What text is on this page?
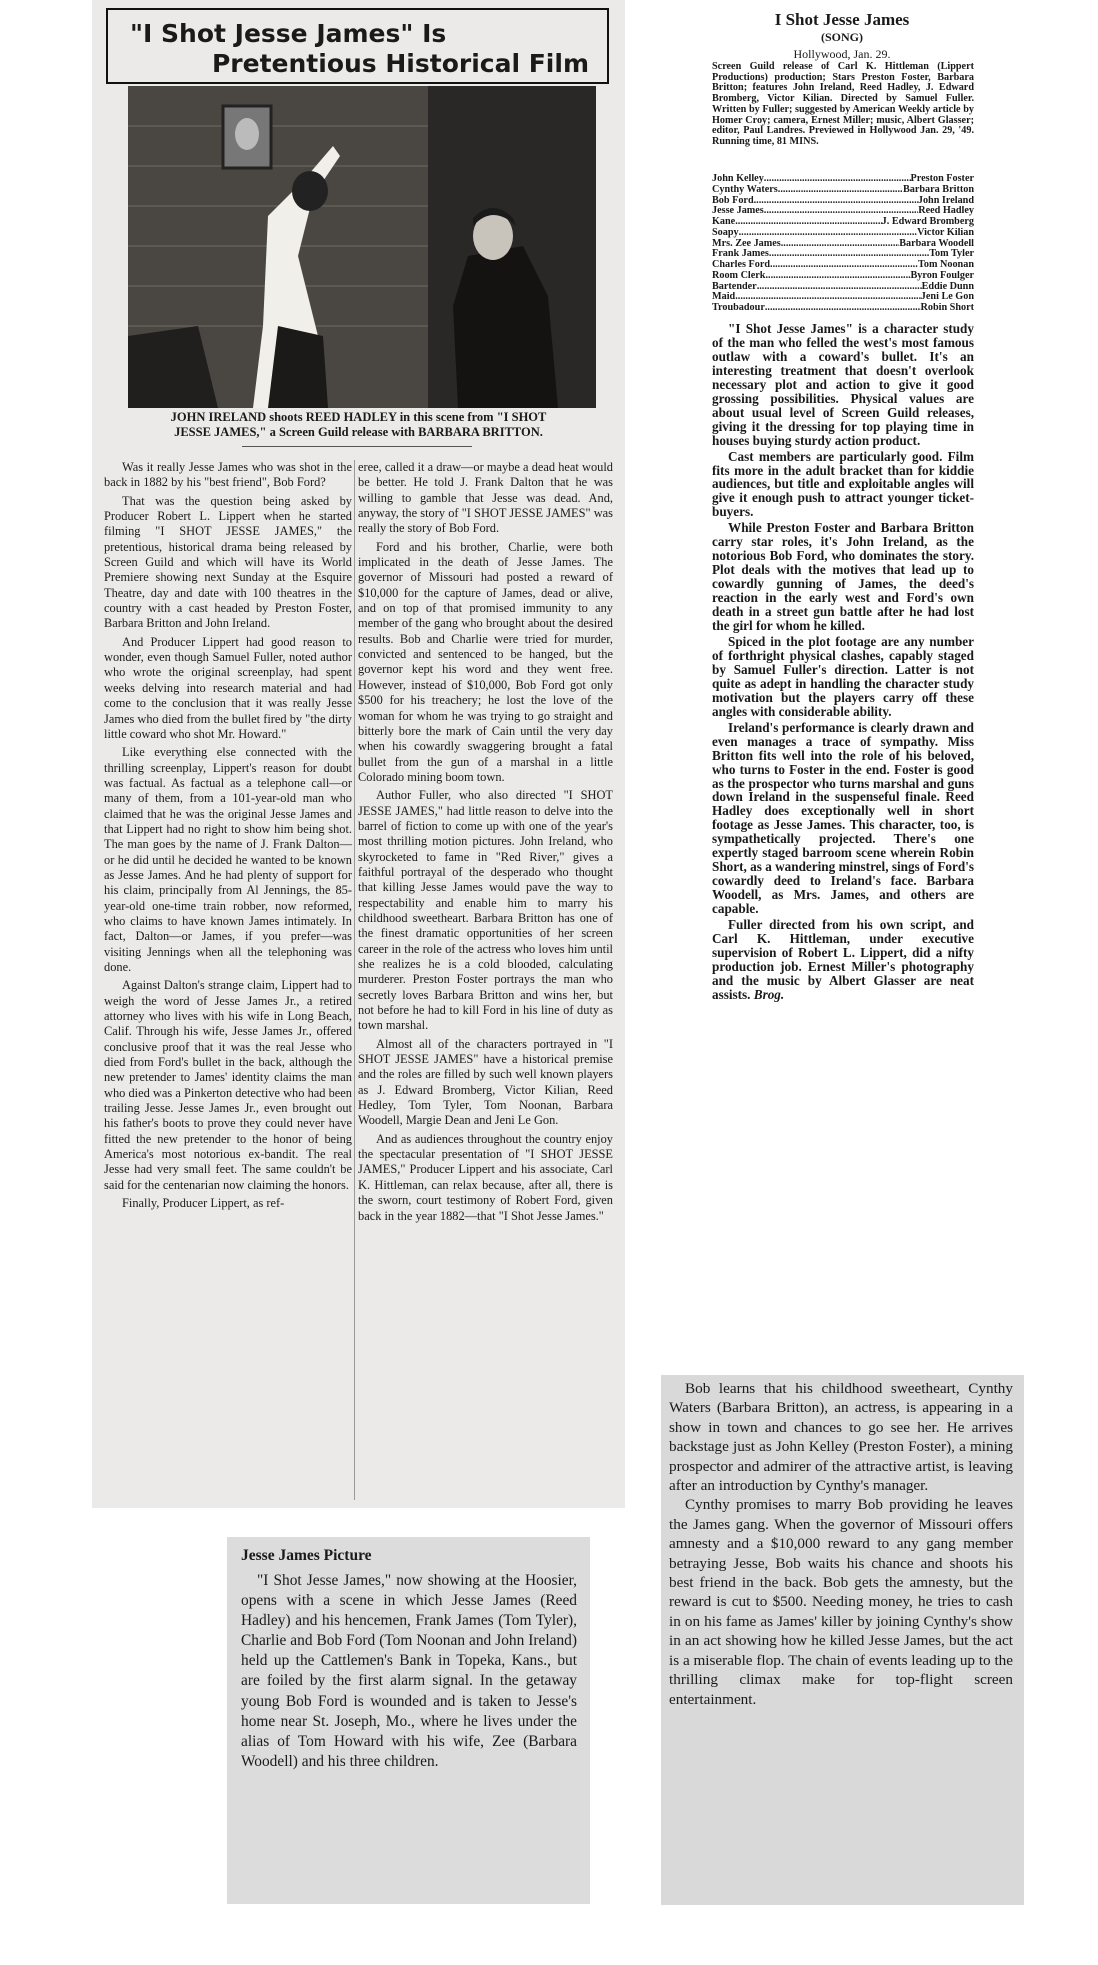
"I Shot Jesse James" Is
Pretentious Historical Film
JOHN IRELAND shoots REED HADLEY in this scene from "I SHOT
JESSE JAMES," a Screen Guild release with BARBARA BRITTON.

Was it really Jesse James who was shot in the back in 1882 by his "best friend", Bob Ford?

That was the question being asked by Producer Robert L. Lippert when he started filming "I SHOT JESSE JAMES," the pretentious, historical drama being released by Screen Guild and which will have its World Premiere showing next Sunday at the Esquire Theatre, day and date with 100 theatres in the country with a cast headed by Preston Foster, Barbara Britton and John Ireland.

And Producer Lippert had good reason to wonder, even though Samuel Fuller, noted author who wrote the original screenplay, had spent weeks delving into research material and had come to the conclusion that it was really Jesse James who died from the bullet fired by "the dirty little coward who shot Mr. Howard."

Like everything else connected with the thrilling screenplay, Lippert's reason for doubt was factual. As factual as a telephone call—or many of them, from a 101-year-old man who claimed that he was the original Jesse James and that Lippert had no right to show him being shot. The man goes by the name of J. Frank Dalton—or he did until he decided he wanted to be known as Jesse James. And he had plenty of support for his claim, principally from Al Jennings, the 85-year-old one-time train robber, now reformed, who claims to have known James intimately. In fact, Dalton—or James, if you prefer—was visiting Jennings when all the telephoning was done.

Against Dalton's strange claim, Lippert had to weigh the word of Jesse James Jr., a retired attorney who lives with his wife in Long Beach, Calif. Through his wife, Jesse James Jr., offered conclusive proof that it was the real Jesse who died from Ford's bullet in the back, although the new pretender to James' identity claims the man who died was a Pinkerton detective who had been trailing Jesse. Jesse James Jr., even brought out his father's boots to prove they could never have fitted the new pretender to the honor of being America's most notorious ex-bandit. The real Jesse had very small feet. The same couldn't be said for the centenarian now claiming the honors.

Finally, Producer Lippert, as ref-

eree, called it a draw—or maybe a dead heat would be better. He told J. Frank Dalton that he was willing to gamble that Jesse was dead. And, anyway, the story of "I SHOT JESSE JAMES" was really the story of Bob Ford.

Ford and his brother, Charlie, were both implicated in the death of Jesse James. The governor of Missouri had posted a reward of $10,000 for the capture of James, dead or alive, and on top of that promised immunity to any member of the gang who brought about the desired results. Bob and Charlie were tried for murder, convicted and sentenced to be hanged, but the governor kept his word and they went free. However, instead of $10,000, Bob Ford got only $500 for his treachery; he lost the love of the woman for whom he was trying to go straight and bitterly bore the mark of Cain until the very day when his cowardly swaggering brought a fatal bullet from the gun of a marshal in a little Colorado mining boom town.

Author Fuller, who also directed "I SHOT JESSE JAMES," had little reason to delve into the barrel of fiction to come up with one of the year's most thrilling motion pictures. John Ireland, who skyrocketed to fame in "Red River," gives a faithful portrayal of the desperado who thought that killing Jesse James would pave the way to respectability and enable him to marry his childhood sweetheart. Barbara Britton has one of the finest dramatic opportunities of her screen career in the role of the actress who loves him until she realizes he is a cold blooded, calculating murderer. Preston Foster portrays the man who secretly loves Barbara Britton and wins her, but not before he had to kill Ford in his line of duty as town marshal.

Almost all of the characters portrayed in "I SHOT JESSE JAMES" have a historical premise and the roles are filled by such well known players as J. Edward Bromberg, Victor Kilian, Reed Hedley, Tom Tyler, Tom Noonan, Barbara Woodell, Margie Dean and Jeni Le Gon.

And as audiences throughout the country enjoy the spectacular presentation of "I SHOT JESSE JAMES," Producer Lippert and his associate, Carl K. Hittleman, can relax because, after all, there is the sworn, court testimony of Robert Ford, given back in the year 1882—that "I Shot Jesse James."

I Shot Jesse James
(SONG)
Hollywood, Jan. 29.
Screen Guild release of Carl K. Hittleman (Lippert Productions) production; Stars Preston Foster, Barbara Britton; features John Ireland, Reed Hadley, J. Edward Bromberg, Victor Kilian. Directed by Samuel Fuller. Written by Fuller; suggested by American Weekly article by Homer Croy; camera, Ernest Miller; music, Albert Glasser; editor, Paul Landres. Previewed in Hollywood Jan. 29, '49. Running time, 81 MINS.
John Kelley .....	Preston Foster
Cynthy Waters .....	Barbara Britton
Bob Ford .....	John Ireland
Jesse James .....	Reed Hadley
Kane .....	J. Edward Bromberg
Soapy .....	Victor Kilian
Mrs. Zee James .....	Barbara Woodell
Frank James .....	Tom Tyler
Charles Ford .....	Tom Noonan
Room Clerk .....	Byron Foulger
Bartender .....	Eddie Dunn
Maid .....	Jeni Le Gon
Troubadour .....	Robin Short

"I Shot Jesse James" is a character study of the man who felled the west's most famous outlaw with a coward's bullet. It's an interesting treatment that doesn't overlook necessary plot and action to give it good grossing possibilities. Physical values are about usual level of Screen Guild releases, giving it the dressing for top playing time in houses buying sturdy action product.

Cast members are particularly good. Film fits more in the adult bracket than for kiddie audiences, but title and exploitable angles will give it enough push to attract younger ticket-buyers.

While Preston Foster and Barbara Britton carry star roles, it's John Ireland, as the notorious Bob Ford, who dominates the story. Plot deals with the motives that lead up to cowardly gunning of James, the deed's reaction in the early west and Ford's own death in a street gun battle after he had lost the girl for whom he killed.

Spiced in the plot footage are any number of forthright physical clashes, capably staged by Samuel Fuller's direction. Latter is not quite as adept in handling the character study motivation but the players carry off these angles with considerable ability.

Ireland's performance is clearly drawn and even manages a trace of sympathy. Miss Britton fits well into the role of his beloved, who turns to Foster in the end. Foster is good as the prospector who turns marshal and guns down Ireland in the suspenseful finale. Reed Hadley does exceptionally well in short footage as Jesse James. This character, too, is sympathetically projected. There's one expertly staged barroom scene wherein Robin Short, as a wandering minstrel, sings of Ford's cowardly deed to Ireland's face. Barbara Woodell, as Mrs. James, and others are capable.

Fuller directed from his own script, and Carl K. Hittleman, under executive supervision of Robert L. Lippert, did a nifty production job. Ernest Miller's photography and the music by Albert Glasser are neat assists. Brog.

Jesse James Picture

"I Shot Jesse James," now showing at the Hoosier, opens with a scene in which Jesse James (Reed Hadley) and his hencemen, Frank James (Tom Tyler), Charlie and Bob Ford (Tom Noonan and John Ireland) held up the Cattlemen's Bank in Topeka, Kans., but are foiled by the first alarm signal. In the getaway young Bob Ford is wounded and is taken to Jesse's home near St. Joseph, Mo., where he lives under the alias of Tom Howard with his wife, Zee (Barbara Woodell) and his three children.

Bob learns that his childhood sweetheart, Cynthy Waters (Barbara Britton), an actress, is appearing in a show in town and chances to go see her. He arrives backstage just as John Kelley (Preston Foster), a mining prospector and admirer of the attractive artist, is leaving after an introduction by Cynthy's manager.

Cynthy promises to marry Bob providing he leaves the James gang. When the governor of Missouri offers amnesty and a $10,000 reward to any gang member betraying Jesse, Bob waits his chance and shoots his best friend in the back. Bob gets the amnesty, but the reward is cut to $500. Needing money, he tries to cash in on his fame as James' killer by joining Cynthy's show in an act showing how he killed Jesse James, but the act is a miserable flop. The chain of events leading up to the thrilling climax make for top-flight screen entertainment.
